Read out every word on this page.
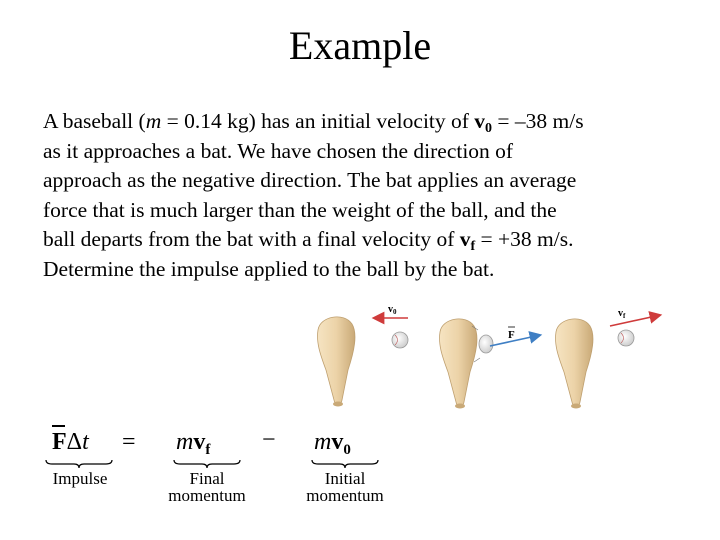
Example
A baseball (m = 0.14 kg) has an initial velocity of $v_0 = -38$ m/s
as it approaches a bat. We have chosen the direction of
approach as the negative direction. The bat applies an average
force that is much larger than the weight of the ball, and the
ball departs from the bat with a final velocity of $v_f = +38$ m/s.
Determine the impulse applied to the ball by the bat.
$v_0$
F
$v_f$
$F\Delta t = mv_f - mv_0$
Impulse	Final
momentum
Initial
momentum
